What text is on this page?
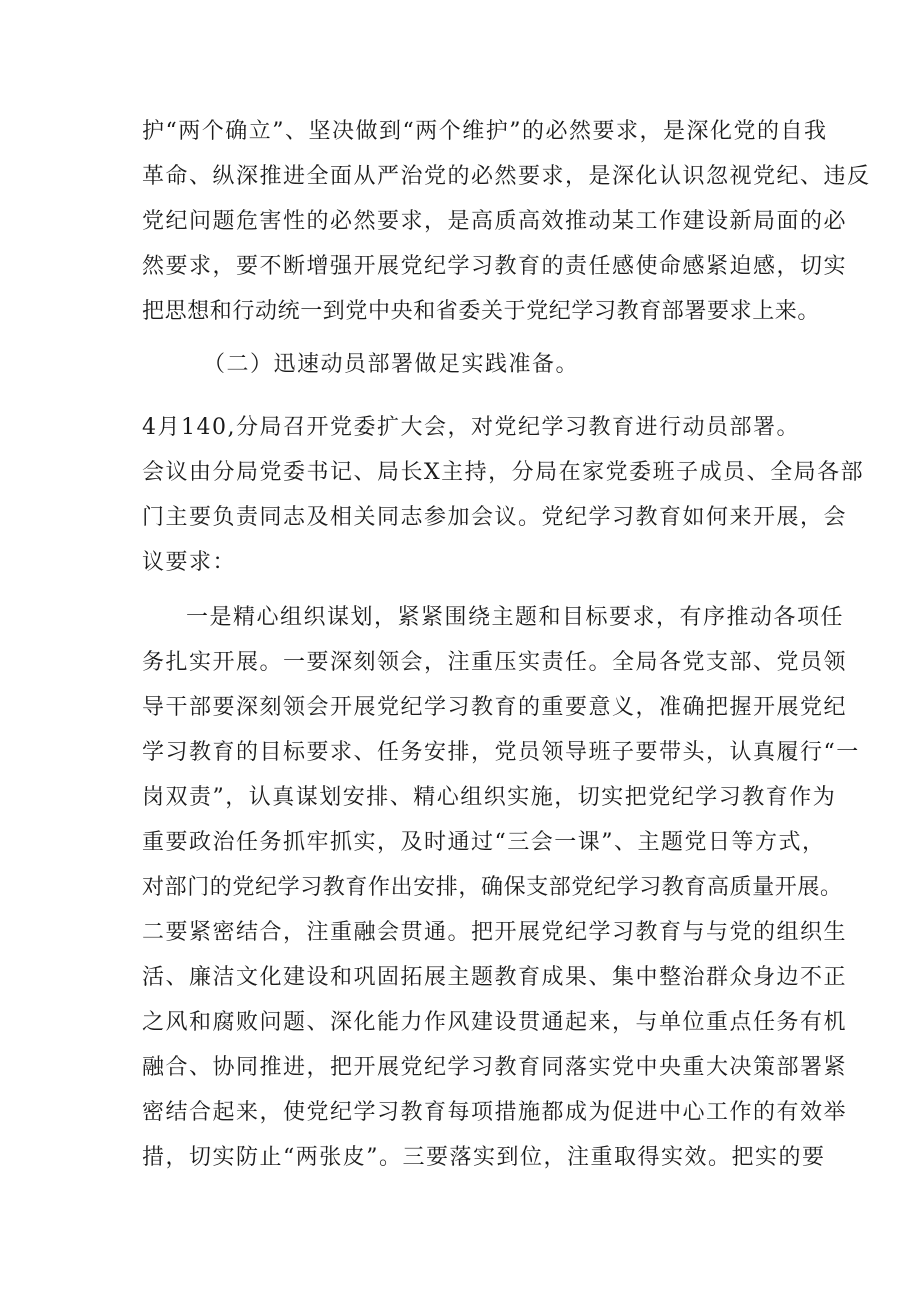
护“两个确立”、坚决做到“两个维护”的必然要求，是深化党的自我
革命、纵深推进全面从严治党的必然要求，是深化认识忽视党纪、违反
党纪问题危害性的必然要求，是高质高效推动某工作建设新局面的必
然要求，要不断增强开展党纪学习教育的责任感使命感紧迫感，切实
把思想和行动统一到党中央和省委关于党纪学习教育部署要求上来。
（二）迅速动员部署做足实践准备。
4月140,分局召开党委扩大会，对党纪学习教育进行动员部署。
会议由分局党委书记、局长X主持，分局在家党委班子成员、全局各部
门主要负责同志及相关同志参加会议。党纪学习教育如何来开展，会
议要求：
一是精心组织谋划，紧紧围绕主题和目标要求，有序推动各项任
务扎实开展。一要深刻领会，注重压实责任。全局各党支部、党员领
导干部要深刻领会开展党纪学习教育的重要意义，准确把握开展党纪
学习教育的目标要求、任务安排，党员领导班子要带头，认真履行“一
岗双责”，认真谋划安排、精心组织实施，切实把党纪学习教育作为
重要政治任务抓牢抓实，及时通过“三会一课”、主题党日等方式，
对部门的党纪学习教育作出安排，确保支部党纪学习教育高质量开展。
二要紧密结合，注重融会贯通。把开展党纪学习教育与与党的组织生
活、廉洁文化建设和巩固拓展主题教育成果、集中整治群众身边不正
之风和腐败问题、深化能力作风建设贯通起来，与单位重点任务有机
融合、协同推进，把开展党纪学习教育同落实党中央重大决策部署紧
密结合起来，使党纪学习教育每项措施都成为促进中心工作的有效举
措，切实防止“两张皮”。三要落实到位，注重取得实效。把实的要
